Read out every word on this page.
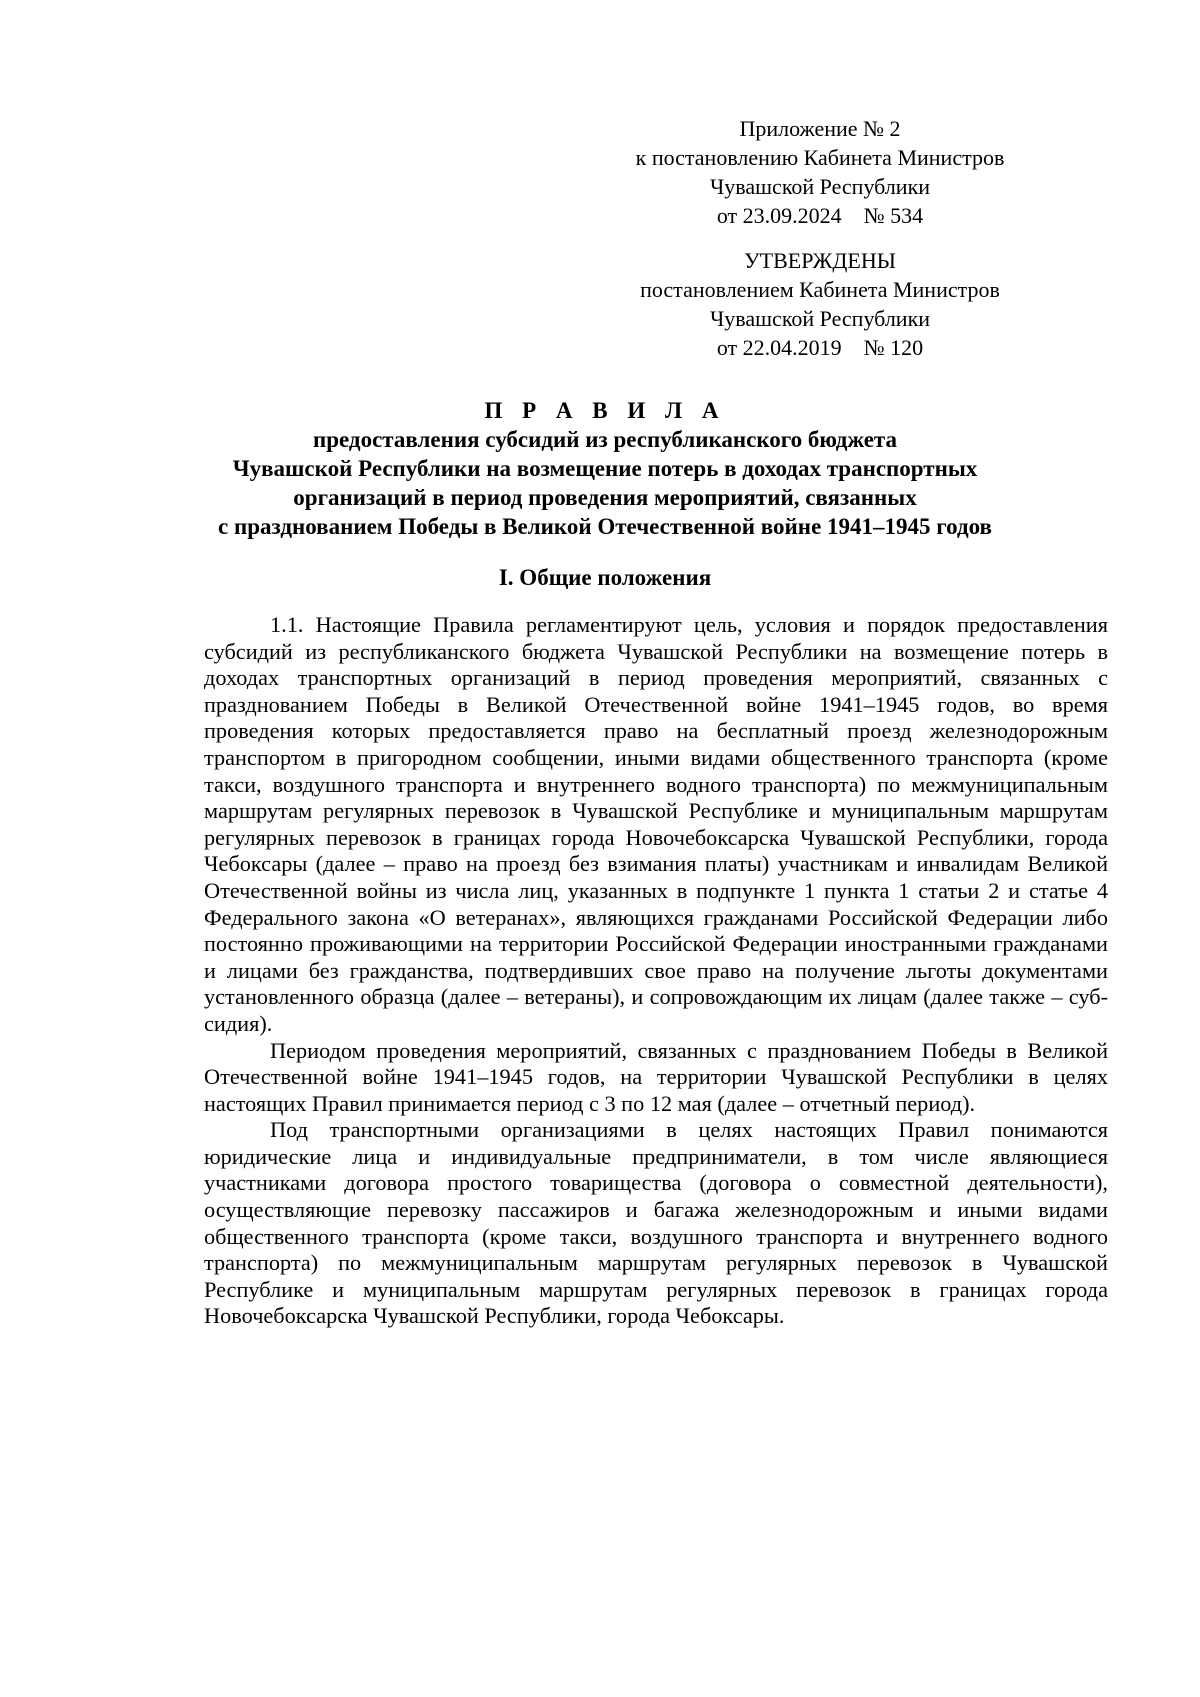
Приложение № 2
к постановлению Кабинета Министров
Чувашской Республики
от 23.09.2024    № 534
УТВЕРЖДЕНЫ
постановлением Кабинета Министров
Чувашской Республики
от 22.04.2019    № 120
П Р А В И Л А
предоставления субсидий из республиканского бюджета
Чувашской Республики на возмещение потерь в доходах транспортных
организаций в период проведения мероприятий, связанных
с празднованием Победы в Великой Отечественной войне 1941–1945 годов
I. Общие положения

1.1. Настоящие Правила регламентируют цель, условия и порядок предоставления субсидий из республиканского бюджета Чувашской Республики на возмещение потерь в доходах транспортных организаций в период проведения мероприятий, связанных с празднованием Победы в Великой Отечественной войне 1941–1945 годов, во время проведения которых предоставляется право на бесплатный проезд железнодорожным транспортом в пригородном сообщении, иными видами общественного транспорта (кроме такси, воздушного транспорта и внутреннего водного транспорта) по межмуниципальным маршрутам регулярных перевозок в Чувашской Республике и муниципальным маршрутам регулярных перевозок в границах города Новочебоксарска Чувашской Республики, города Чебоксары (далее – право на проезд без взимания платы) участникам и инвалидам Великой Отечественной войны из числа лиц, указанных в подпункте 1 пункта 1 статьи 2 и статье 4 Федерального закона «О ветеранах», являющихся гражданами Российской Федерации либо постоянно проживающими на территории Российской Федерации иностранными гражданами и лицами без гражданства, подтвердивших свое право на получение льготы документами установленного образца (далее – ветераны), и сопровождающим их лицам (далее также – субсидия).

Периодом проведения мероприятий, связанных с празднованием Победы в Великой Отечественной войне 1941–1945 годов, на территории Чувашской Республики в целях настоящих Правил принимается период с 3 по 12 мая (далее – отчетный период).

Под транспортными организациями в целях настоящих Правил понимаются юридические лица и индивидуальные предприниматели, в том числе являющиеся участниками договора простого товарищества (договора о совместной деятельности), осуществляющие перевозку пассажиров и багажа железнодорожным и иными видами общественного транспорта (кроме такси, воздушного транспорта и внутреннего водного транспорта) по межмуниципальным маршрутам регулярных перевозок в Чувашской Республике и муниципальным маршрутам регулярных перевозок в границах города Новочебоксарска Чувашской Республики, города Чебоксары.
